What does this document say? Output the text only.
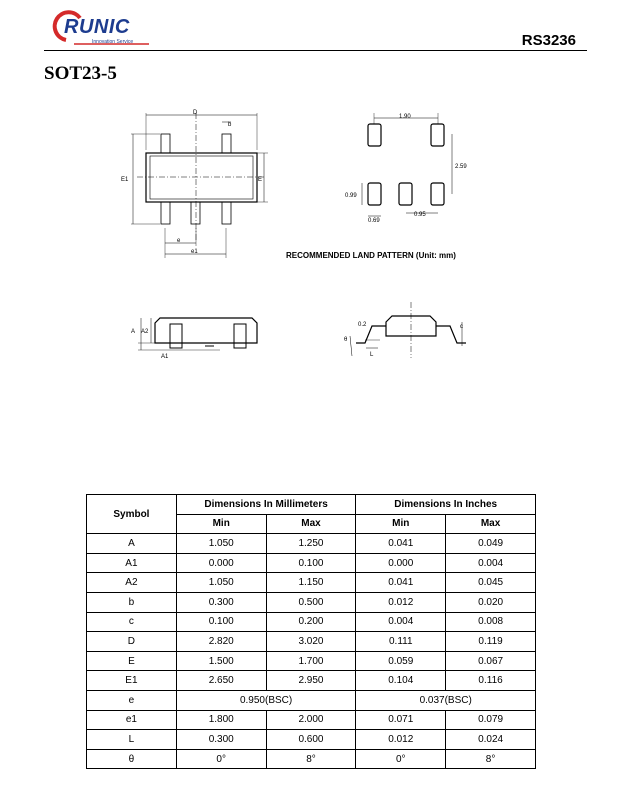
RUNIC
Innovation Service	RS3236
SOT23-5
D
b
E1	E
e
e1
1.90
2.59
0.99
0.69
0.95
A A2
A1
0.2
θ
L
c
RECOMMENDED LAND PATTERN (Unit: mm)
Symbol	Dimensions In Millimeters		Dimensions In Inches	
	Min	Max	Min	Max
A	1.050	1.250	0.041	0.049
A1	0.000	0.100	0.000	0.004
A2	1.050	1.150	0.041	0.045
b	0.300	0.500	0.012	0.020
c	0.100	0.200	0.004	0.008
D	2.820	3.020	0.111	0.119
E	1.500	1.700	0.059	0.067
E1	2.650	2.950	0.104	0.116
e	0.950(BSC)		0.037(BSC)	
e1	1.800	2.000	0.071	0.079
L	0.300	0.600	0.012	0.024
θ	0°	8°	0°	8°
